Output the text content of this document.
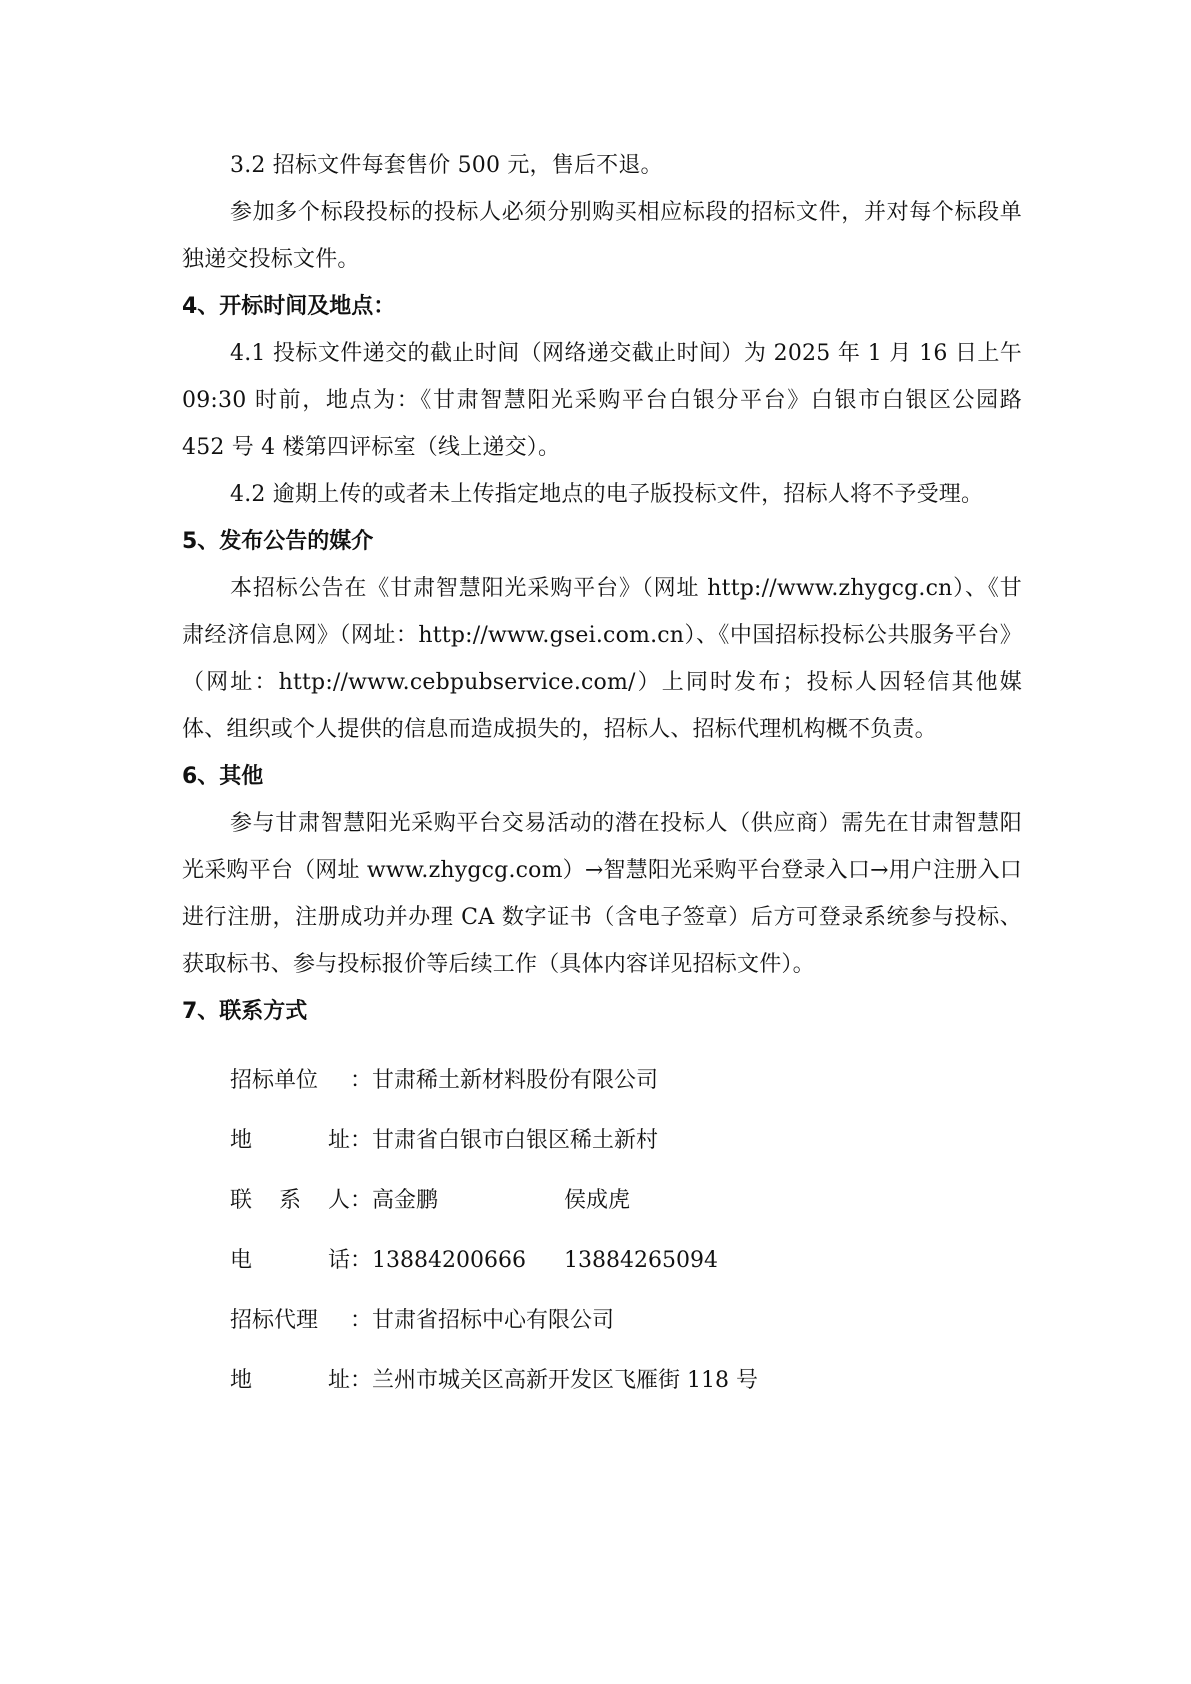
3.2 招标文件每套售价 500 元，售后不退。

参加多个标段投标的投标人必须分别购买相应标段的招标文件，并对每个标段单独递交投标文件。

4、开标时间及地点：

4.1 投标文件递交的截止时间（网络递交截止时间）为 2025 年 1 月 16 日上午 09:30 时前，地点为：《甘肃智慧阳光采购平台白银分平台》白银市白银区公园路 452 号 4 楼第四评标室（线上递交）。

4.2 逾期上传的或者未上传指定地点的电子版投标文件，招标人将不予受理。

5、发布公告的媒介

本招标公告在《甘肃智慧阳光采购平台》（网址 http://www.zhygcg.cn）、《甘肃经济信息网》（网址：http://www.gsei.com.cn）、《中国招标投标公共服务平台》（网址：http://www.cebpubservice.com/）上同时发布；投标人因轻信其他媒体、组织或个人提供的信息而造成损失的，招标人、招标代理机构概不负责。

6、其他

参与甘肃智慧阳光采购平台交易活动的潜在投标人（供应商）需先在甘肃智慧阳光采购平台（网址 www.zhygcg.com）→智慧阳光采购平台登录入口→用户注册入口进行注册，注册成功并办理 CA 数字证书（含电子签章）后方可登录系统参与投标、获取标书、参与投标报价等后续工作（具体内容详见招标文件）。

7、联系方式

招标单位 ： 甘肃稀土新材料股份有限公司
地	址 ： 甘肃省白银市白银区稀土新村
联 系 人 ： 高金鹏	侯成虎
电	话 ： 13884200666	13884265094
招标代理 ： 甘肃省招标中心有限公司
地	址 ： 兰州市城关区高新开发区飞雁街 118 号
